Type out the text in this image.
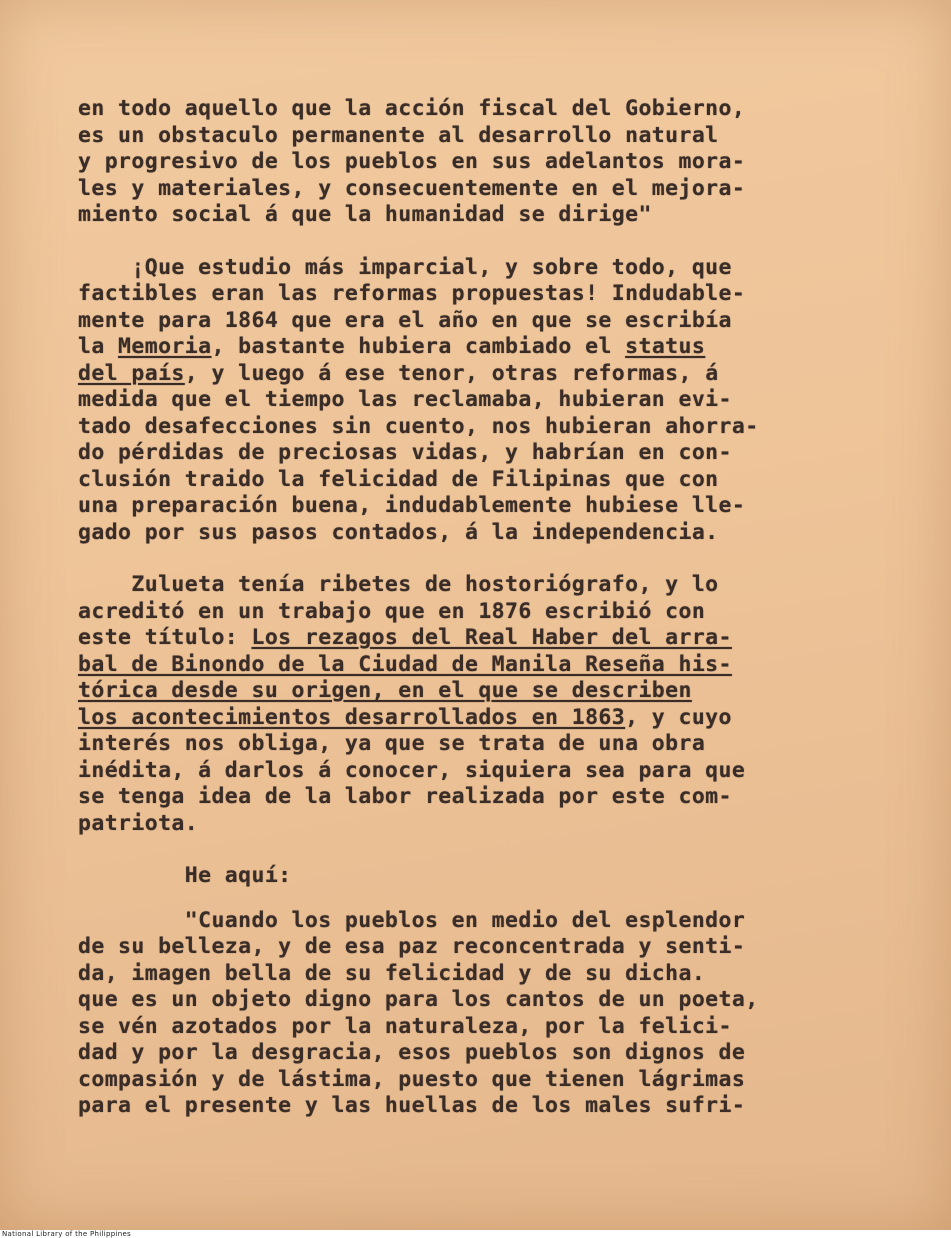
en todo aquello que la acción fiscal del Gobierno,
es un obstaculo permanente al desarrollo natural
y progresivo de los pueblos en sus adelantos mora-
les y materiales, y consecuentemente en el mejora-
miento social á que la humanidad se dirige"
¡Que estudio más imparcial, y sobre todo, que
factibles eran las reformas propuestas! Indudable-
mente para 1864 que era el año en que se escribía
la Memoria, bastante hubiera cambiado el status
del país, y luego á ese tenor, otras reformas, á
medida que el tiempo las reclamaba, hubieran evi-
tado desafecciones sin cuento, nos hubieran ahorra-
do pérdidas de preciosas vidas, y habrían en con-
clusión traido la felicidad de Filipinas que con
una preparación buena, indudablemente hubiese lle-
gado por sus pasos contados, á la independencia.
Zulueta tenía ribetes de hostoriógrafo, y lo
acreditó en un trabajo que en 1876 escribió con
este título: Los rezagos del Real Haber del arra-
bal de Binondo de la Ciudad de Manila Reseña his-
tórica desde su origen, en el que se describen
los acontecimientos desarrollados en 1863, y cuyo
interés nos obliga, ya que se trata de una obra
inédita, á darlos á conocer, siquiera sea para que
se tenga idea de la labor realizada por este com-
patriota.
He aquí:
"Cuando los pueblos en medio del esplendor
de su belleza, y de esa paz reconcentrada y senti-
da, imagen bella de su felicidad y de su dicha.
que es un objeto digno para los cantos de un poeta,
se vén azotados por la naturaleza, por la felici-
dad y por la desgracia, esos pueblos son dignos de
compasión y de lástima, puesto que tienen lágrimas
para el presente y las huellas de los males sufri-
National Library of the Philippines
